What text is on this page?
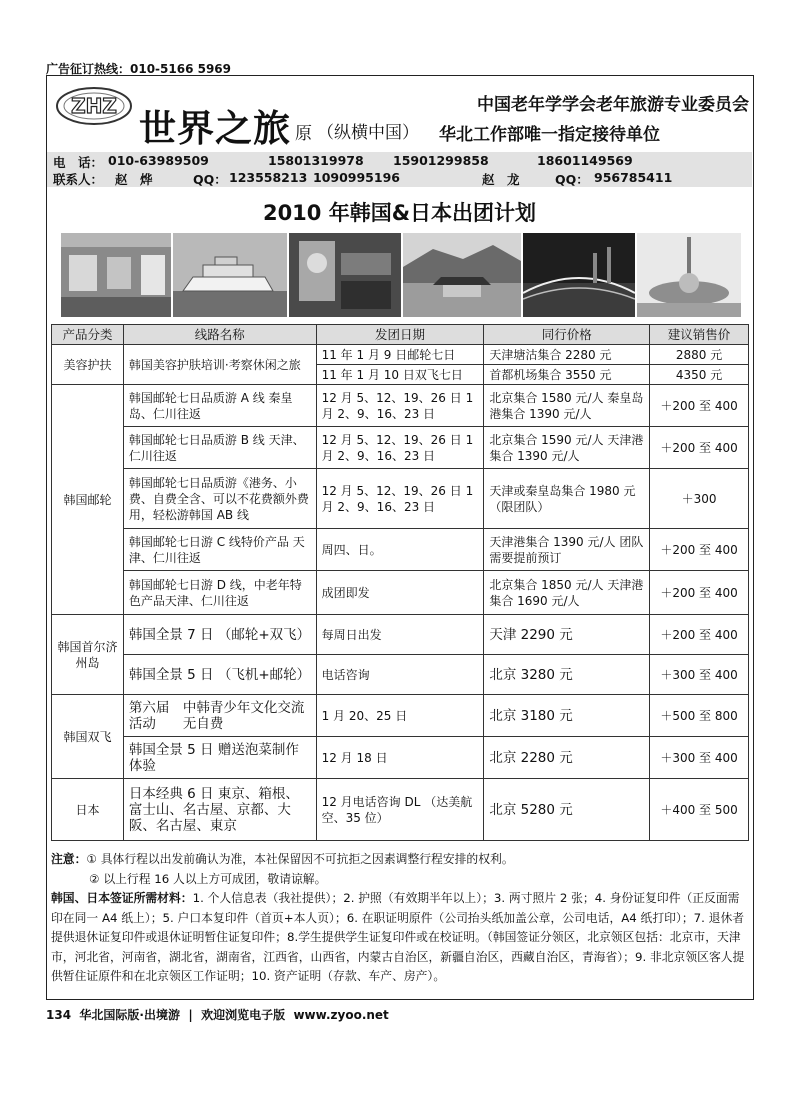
广告征订热线：010-5166 5969
ZHZ 世界之旅 原 （纵横中国）
中国老年学学会老年旅游专业委员会
华北工作部唯一指定接待单位
电　话： 010-63989509	15801319978 15901299858	18601149569
联系人： 赵　烨	QQ： 123558213 1090995196	赵　龙	QQ： 956785411
2010 年韩国&日本出团计划
产品分类	线路名称	发团日期	同行价格	建议销售价
美容护扶	韩国美容护肤培训·考察休闲之旅	11 年 1 月 9 日邮轮七日	天津塘沽集合 2280 元	2880 元
		11 年 1 月 10 日双飞七日	首都机场集合 3550 元	4350 元
韩国邮轮	韩国邮轮七日品质游 A 线 秦皇岛、仁川往返	12 月 5、12、19、26 日 1 月 2、9、16、23 日	北京集合 1580 元/人 秦皇岛港集合 1390 元/人	＋200 至 400
	韩国邮轮七日品质游 B 线 天津、仁川往返	12 月 5、12、19、26 日 1 月 2、9、16、23 日	北京集合 1590 元/人 天津港集合 1390 元/人	＋200 至 400
	韩国邮轮七日品质游《港务、小费、自费全含、可以不花费额外费用，轻松游韩国 AB 线	12 月 5、12、19、26 日 1 月 2、9、16、23 日	天津或秦皇岛集合 1980 元（限团队）	＋300
	韩国邮轮七日游 C 线特价产品 天津、仁川往返	周四、日。	天津港集合 1390 元/人 团队需要提前预订	＋200 至 400
	韩国邮轮七日游 D 线，中老年特色产品天津、仁川往返	成团即发	北京集合 1850 元/人 天津港集合 1690 元/人	＋200 至 400
韩国首尔济州岛	韩国全景 7 日 （邮轮+双飞）	每周日出发	天津 2290 元	＋200 至 400
	韩国全景 5 日 （飞机+邮轮）	电话咨询	北京 3280 元	＋300 至 400
韩国双飞	第六届　中韩青少年文化交流活动　　无自费	1 月 20、25 日	北京 3180 元	＋500 至 800
	韩国全景 5 日 赠送泡菜制作体验	12 月 18 日	北京 2280 元	＋300 至 400
日本	日本经典 6 日 東京、箱根、富士山、名古屋、京都、大阪、名古屋、東京	12 月电话咨询 DL （达美航空、35 位）	北京 5280 元	＋400 至 500
注意：① 具体行程以出发前确认为准，本社保留因不可抗拒之因素调整行程安排的权利。
② 以上行程 16 人以上方可成团，敬请谅解。
韩国、日本签证所需材料：1. 个人信息表（我社提供）；2. 护照（有效期半年以上）；3. 两寸照片 2 张；4. 身份证复印件（正反面需印在同一 A4 纸上）；5. 户口本复印件（首页+本人页）；6. 在职证明原件（公司抬头纸加盖公章，公司电话，A4 纸打印）；7. 退休者提供退休证复印件或退休证明暂住证复印件；8.学生提供学生证复印件或在校证明。（韩国签证分领区，北京领区包括：北京市，天津市，河北省，河南省，湖北省，湖南省，江西省，山西省，内蒙古自治区，新疆自治区，西藏自治区，青海省）；9. 非北京领区客人提供暂住证原件和在北京领区工作证明；10. 资产证明（存款、车产、房产）。
134 华北国际版·出境游 | 欢迎浏览电子版 www.zyoo.net
